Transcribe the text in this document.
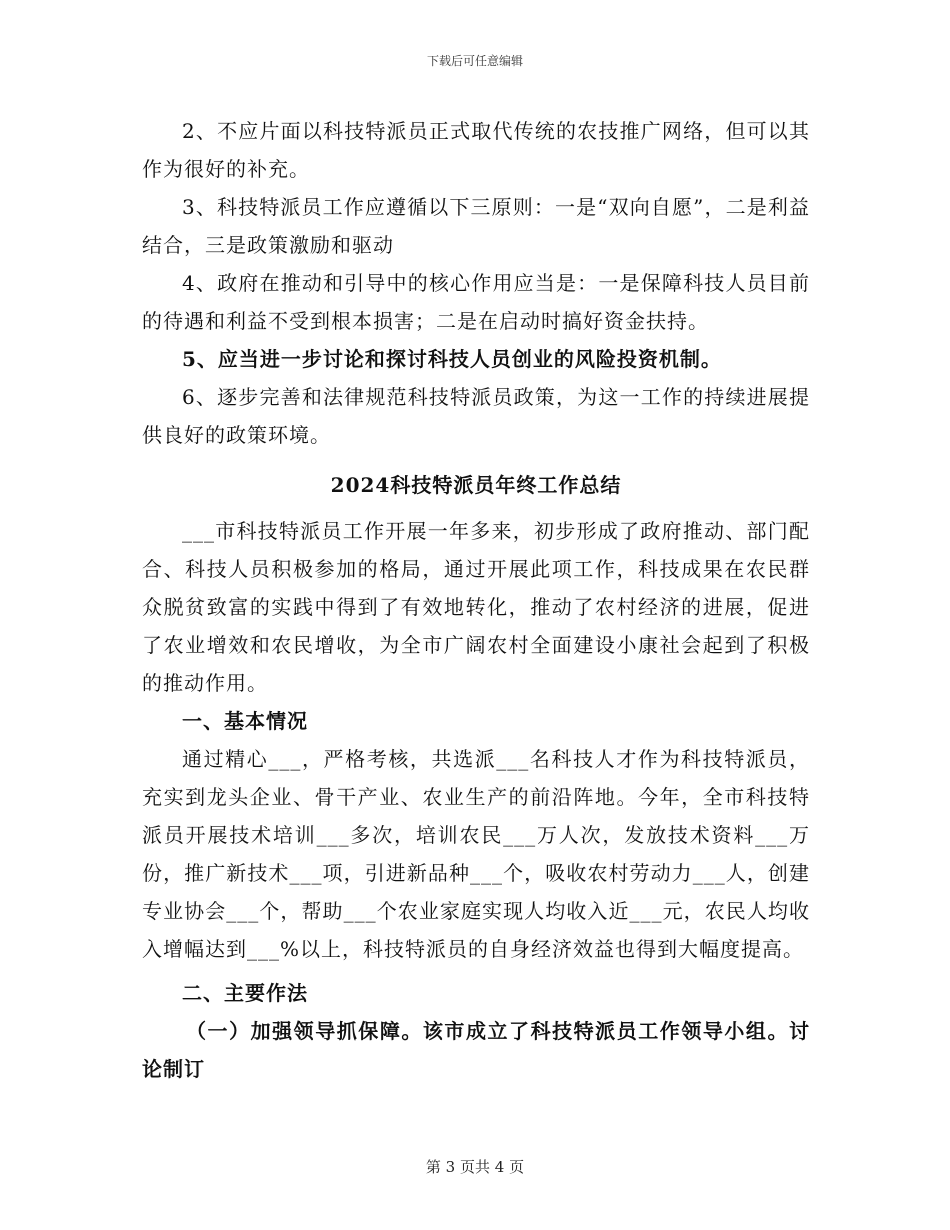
下载后可任意编辑

2、不应片面以科技特派员正式取代传统的农技推广网络，但可以其作为很好的补充。

3、科技特派员工作应遵循以下三原则：一是“双向自愿”，二是利益结合，三是政策激励和驱动

4、政府在推动和引导中的核心作用应当是：一是保障科技人员目前的待遇和利益不受到根本损害；二是在启动时搞好资金扶持。

5、应当进一步讨论和探讨科技人员创业的风险投资机制。

6、逐步完善和法律规范科技特派员政策，为这一工作的持续进展提供良好的政策环境。

2024科技特派员年终工作总结

___市科技特派员工作开展一年多来，初步形成了政府推动、部门配合、科技人员积极参加的格局，通过开展此项工作，科技成果在农民群众脱贫致富的实践中得到了有效地转化，推动了农村经济的进展，促进了农业增效和农民增收，为全市广阔农村全面建设小康社会起到了积极的推动作用。

一、基本情况

通过精心___，严格考核，共选派___名科技人才作为科技特派员，充实到龙头企业、骨干产业、农业生产的前沿阵地。今年，全市科技特派员开展技术培训___多次，培训农民___万人次，发放技术资料___万份，推广新技术___项，引进新品种___个，吸收农村劳动力___人，创建专业协会___个，帮助___个农业家庭实现人均收入近___元，农民人均收入增幅达到___%以上，科技特派员的自身经济效益也得到大幅度提高。

二、主要作法

（一）加强领导抓保障。该市成立了科技特派员工作领导小组。讨论制订

第 3 页共 4 页
